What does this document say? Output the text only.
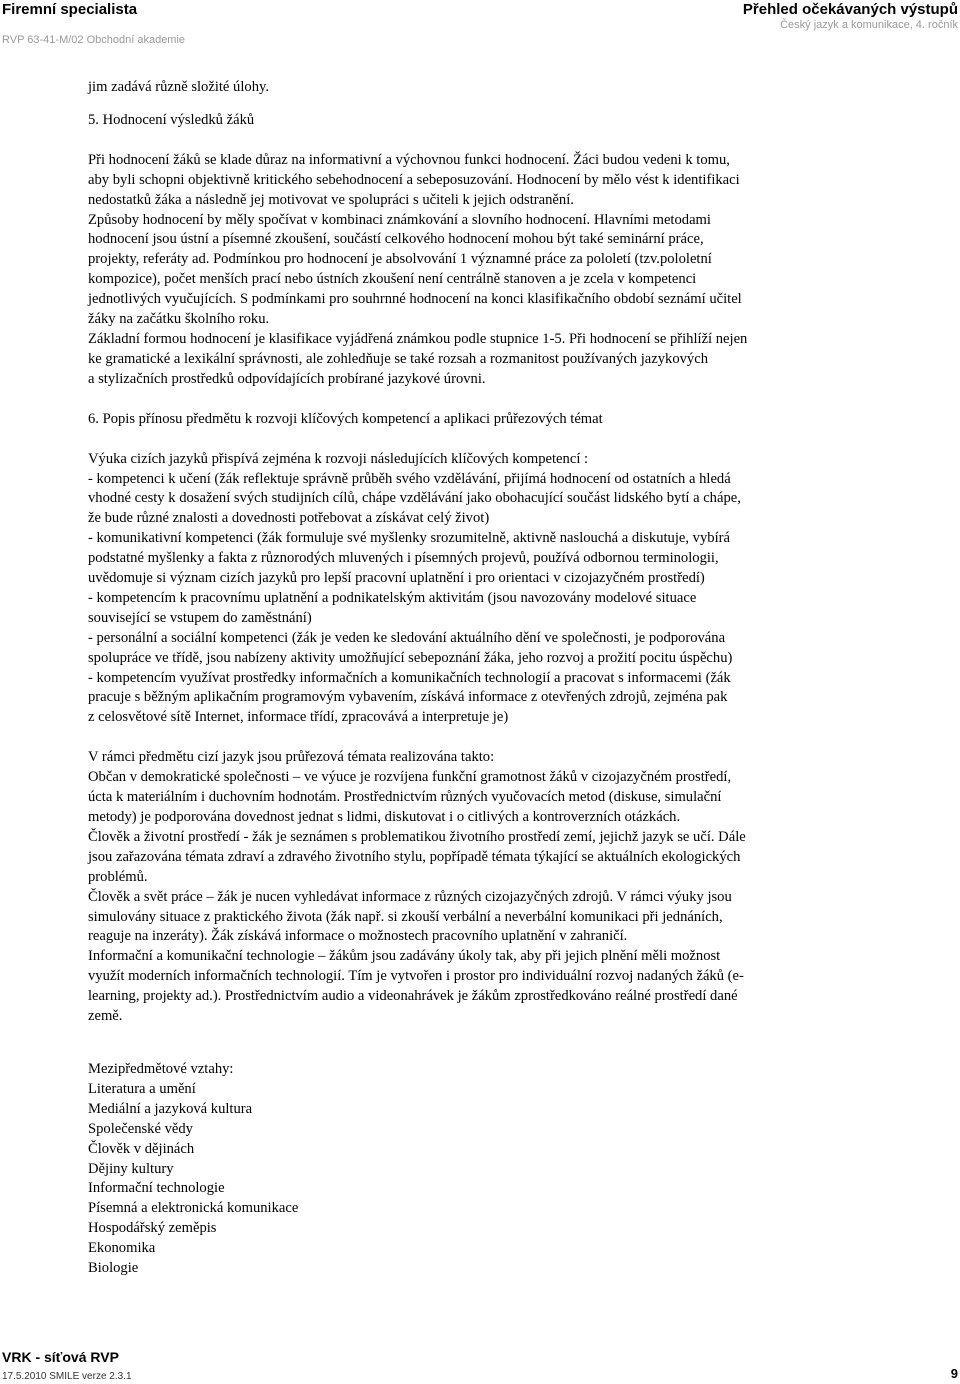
Firemní specialista
RVP 63-41-M/02 Obchodní akademie
Přehled očekávaných výstupů
Český jazyk a komunikace, 4. ročník

jim zadává různě složité úlohy.

5. Hodnocení výsledků žáků

Při hodnocení žáků se klade důraz na informativní a výchovnou funkci hodnocení. Žáci budou vedeni k tomu,

aby byli schopni objektivně kritického sebehodnocení a sebeposuzování. Hodnocení by mělo vést k identifikaci

nedostatků žáka a následně jej motivovat ve spolupráci s učiteli k jejich odstranění.

Způsoby hodnocení by měly spočívat v kombinaci známkování a slovního hodnocení. Hlavními metodami

hodnocení jsou ústní a písemné zkoušení, součástí celkového hodnocení mohou být také seminární práce,

projekty, referáty ad. Podmínkou pro hodnocení je absolvování 1 významné práce za pololetí (tzv.pololetní

kompozice), počet menších prací nebo ústních zkoušení není centrálně stanoven a je zcela v kompetenci

jednotlivých vyučujících. S podmínkami pro souhrnné hodnocení na konci klasifikačního období seznámí učitel

žáky na začátku školního roku.

Základní formou hodnocení je klasifikace vyjádřená známkou podle stupnice 1-5. Při hodnocení se přihlíží nejen

ke gramatické a lexikální správnosti, ale zohledňuje se také rozsah a rozmanitost používaných jazykových

a stylizačních prostředků odpovídajících probírané jazykové úrovni.

6. Popis přínosu předmětu k rozvoji klíčových kompetencí a aplikaci průřezových témat

Výuka cizích jazyků přispívá zejména k rozvoji následujících klíčových kompetencí :

- kompetenci k učení (žák reflektuje správně průběh svého vzdělávání, přijímá hodnocení od ostatních a hledá

vhodné cesty k dosažení svých studijních cílů, chápe vzdělávání jako obohacující součást lidského bytí a chápe,

že bude různé znalosti a dovednosti potřebovat a získávat celý život)

- komunikativní kompetenci (žák formuluje své myšlenky srozumitelně, aktivně naslouchá a diskutuje, vybírá

podstatné myšlenky a fakta z různorodých mluvených i písemných projevů, používá odbornou terminologii,

uvědomuje si význam cizích jazyků pro lepší pracovní uplatnění i pro orientaci v cizojazyčném prostředí)

- kompetencím k pracovnímu uplatnění a podnikatelským aktivitám (jsou navozovány modelové situace

související se vstupem do zaměstnání)

- personální a sociální kompetenci (žák je veden ke sledování aktuálního dění ve společnosti, je podporována

spolupráce ve třídě, jsou nabízeny aktivity umožňující sebepoznání žáka, jeho rozvoj a prožití pocitu úspěchu)

- kompetencím využívat prostředky informačních a komunikačních technologií a pracovat s informacemi (žák

pracuje s běžným aplikačním programovým vybavením, získává informace z otevřených zdrojů, zejména pak

z celosvětové sítě Internet, informace třídí, zpracovává a interpretuje je)

V rámci předmětu cizí jazyk jsou průřezová témata realizována takto:

Občan v demokratické společnosti – ve výuce je rozvíjena funkční gramotnost žáků v cizojazyčném prostředí,

úcta k materiálním i duchovním hodnotám. Prostřednictvím různých vyučovacích metod (diskuse, simulační

metody) je podporována dovednost jednat s lidmi, diskutovat i o citlivých a kontroverzních otázkách.

Člověk a životní prostředí - žák je seznámen s problematikou životního prostředí zemí, jejichž jazyk se učí. Dále

jsou zařazována témata zdraví a zdravého životního stylu, popřípadě témata týkající se aktuálních ekologických

problémů.

Člověk a svět práce – žák je nucen vyhledávat informace z různých cizojazyčných zdrojů. V rámci výuky jsou

simulovány situace z praktického života (žák např. si zkouší verbální a neverbální komunikaci při jednáních,

reaguje na inzeráty). Žák získává informace o možnostech pracovního uplatnění v zahraničí.

Informační a komunikační technologie – žákům jsou zadávány úkoly tak, aby při jejich plnění měli možnost

využít moderních informačních technologií. Tím je vytvořen i prostor pro individuální rozvoj nadaných žáků (e-

learning, projekty ad.). Prostřednictvím audio a videonahrávek je žákům zprostředkováno reálné prostředí dané

země.

Mezipředmětové vztahy:

Literatura a umění

Mediální a jazyková kultura

Společenské vědy

Člověk v dějinách

Dějiny kultury

Informační technologie

Písemná a elektronická komunikace

Hospodářský zeměpis

Ekonomika

Biologie

VRK - síťová RVP
17.5.2010 SMILE verze 2.3.1	9
